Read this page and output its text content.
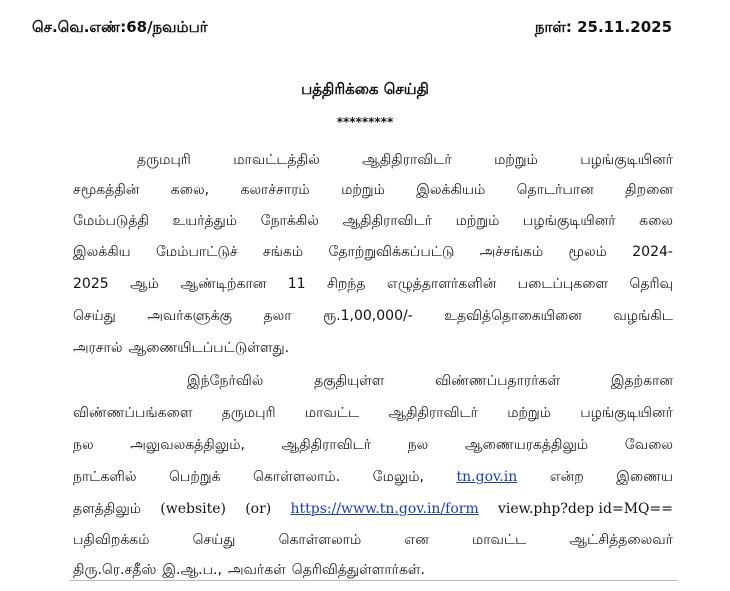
செ.வெ.எண்:68/நவம்பர்	நாள்: 25.11.2025
பத்திரிக்கை செய்தி
*********
தருமபுரி	மாவட்டத்தில்	ஆதிதிராவிடர்	மற்றும்	பழங்குடியினர்
சமூகத்தின் கலை, கலாச்சாரம் மற்றும் இலக்கியம் தொடர்பான திறனை
மேம்படுத்தி உயர்த்தும் நோக்கில் ஆதிதிராவிடர் மற்றும் பழங்குடியினர் கலை
இலக்கிய மேம்பாட்டுச் சங்கம் தோற்றுவிக்கப்பட்டு அச்சங்கம் மூலம் 2024-
2025 ஆம் ஆண்டிற்கான 11 சிறந்த எழுத்தாளர்களின் படைப்புகளை தெரிவு
செய்து அவர்களுக்கு தலா ரூ.1,00,000/- உதவித்தொகையினை வழங்கிட
அரசால் ஆணையிடப்பட்டுள்ளது.
இந்நேர்வில்	தகுதியுள்ள	விண்ணப்பதாரர்கள்	இதற்கான
விண்ணப்பங்களை தருமபுரி மாவட்ட ஆதிதிராவிடர் மற்றும் பழங்குடியினர்
நல	அலுவலகத்திலும்,	ஆதிதிராவிடர்	நல	ஆணையரகத்திலும்	வேலை
நாட்களில் பெற்றுக் கொள்ளலாம். மேலும், tn.gov.in என்ற இணைய
தளத்திலும் (website) (or) https://www.tn.gov.in/form view.php?dep id=MQ==
பதிவிறக்கம்	செய்து	கொள்ளலாம்	என	மாவட்ட	ஆட்சித்தலைவர்
திரு.ரெ.சதீஸ் இ.ஆ.ப., அவர்கள் தெரிவித்துள்ளார்கள்.
